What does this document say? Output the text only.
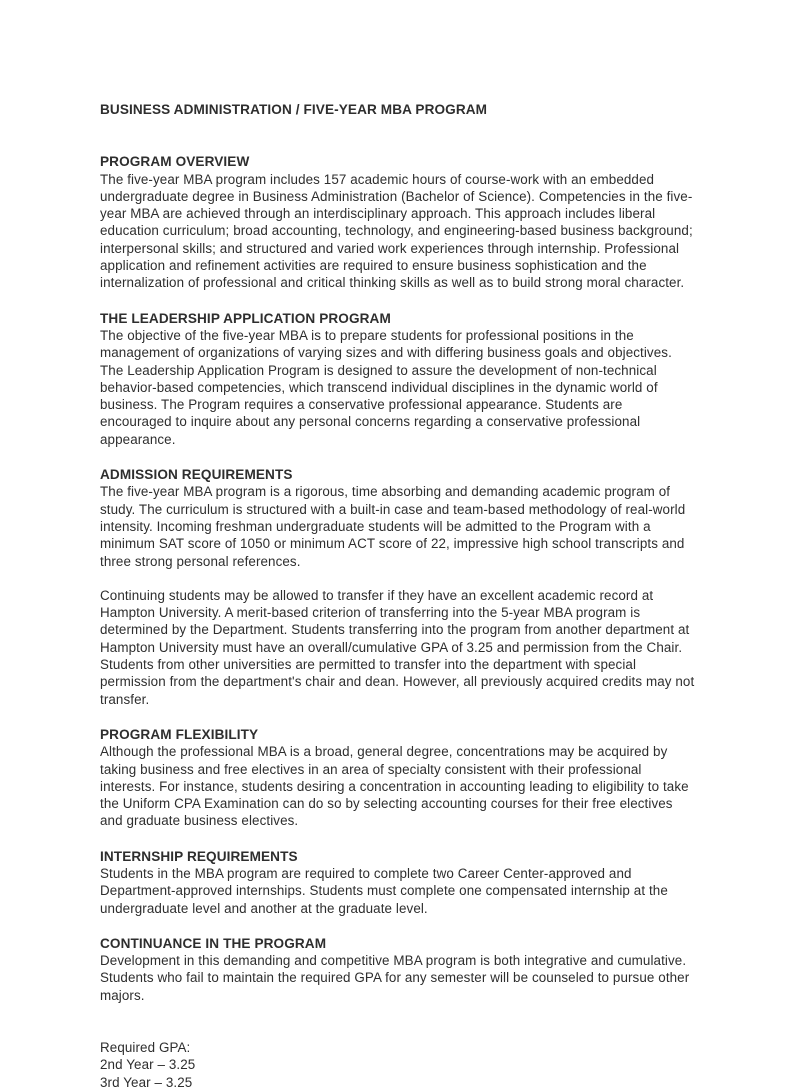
BUSINESS ADMINISTRATION / FIVE-YEAR MBA PROGRAM
PROGRAM OVERVIEW

The five-year MBA program includes 157 academic hours of course-work with an embedded undergraduate degree in Business Administration (Bachelor of Science). Competencies in the five-year MBA are achieved through an interdisciplinary approach. This approach includes liberal education curriculum; broad accounting, technology, and engineering-based business background; interpersonal skills; and structured and varied work experiences through internship. Professional application and refinement activities are required to ensure business sophistication and the internalization of professional and critical thinking skills as well as to build strong moral character.

THE LEADERSHIP APPLICATION PROGRAM

The objective of the five-year MBA is to prepare students for professional positions in the management of organizations of varying sizes and with differing business goals and objectives. The Leadership Application Program is designed to assure the development of non-technical behavior-based competencies, which transcend individual disciplines in the dynamic world of business. The Program requires a conservative professional appearance. Students are encouraged to inquire about any personal concerns regarding a conservative professional appearance.

ADMISSION REQUIREMENTS

The five-year MBA program is a rigorous, time absorbing and demanding academic program of study. The curriculum is structured with a built-in case and team-based methodology of real-world intensity. Incoming freshman undergraduate students will be admitted to the Program with a minimum SAT score of 1050 or minimum ACT score of 22, impressive high school transcripts and three strong personal references.

Continuing students may be allowed to transfer if they have an excellent academic record at Hampton University. A merit-based criterion of transferring into the 5-year MBA program is determined by the Department. Students transferring into the program from another department at Hampton University must have an overall/cumulative GPA of 3.25 and permission from the Chair. Students from other universities are permitted to transfer into the department with special permission from the department's chair and dean. However, all previously acquired credits may not transfer.

PROGRAM FLEXIBILITY

Although the professional MBA is a broad, general degree, concentrations may be acquired by taking business and free electives in an area of specialty consistent with their professional interests. For instance, students desiring a concentration in accounting leading to eligibility to take the Uniform CPA Examination can do so by selecting accounting courses for their free electives and graduate business electives.

INTERNSHIP REQUIREMENTS

Students in the MBA program are required to complete two Career Center-approved and Department-approved internships. Students must complete one compensated internship at the undergraduate level and another at the graduate level.

CONTINUANCE IN THE PROGRAM

Development in this demanding and competitive MBA program is both integrative and cumulative. Students who fail to maintain the required GPA for any semester will be counseled to pursue other majors.

Required GPA:
2nd Year – 3.25
3rd Year – 3.25
